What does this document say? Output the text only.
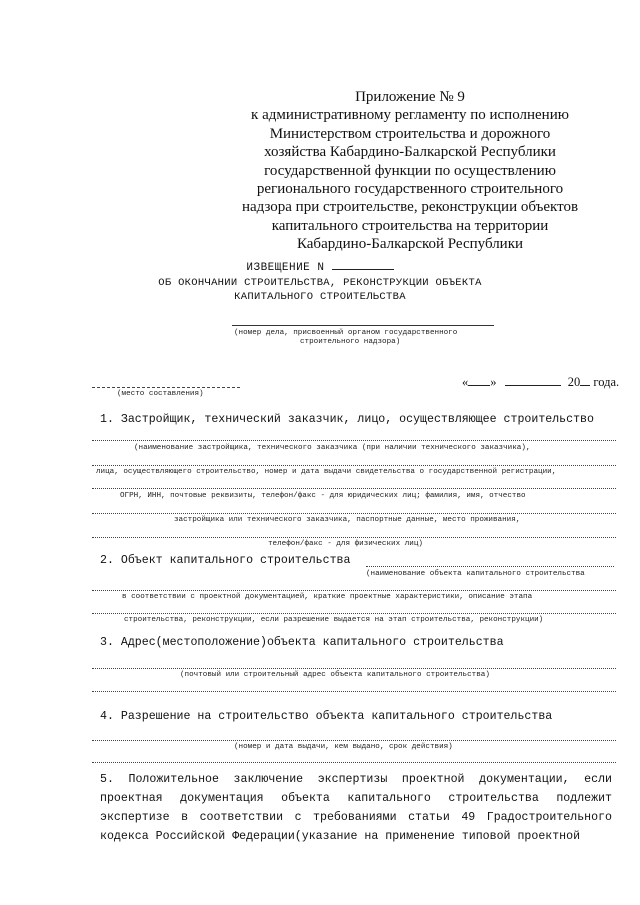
Приложение № 9
к административному регламенту по исполнению
Министерством строительства и дорожного
хозяйства Кабардино-Балкарской Республики
государственной функции по осуществлению
регионального государственного строительного
надзора при строительстве, реконструкции объектов
капитального строительства на территории
Кабардино-Балкарской Республики
ИЗВЕЩЕНИЕ N
ОБ ОКОНЧАНИИ СТРОИТЕЛЬСТВА, РЕКОНСТРУКЦИИ ОБЪЕКТА
КАПИТАЛЬНОГО СТРОИТЕЛЬСТВА
(номер дела, присвоенный органом государственного
строительного надзора)
(место составления)
« »	20 года.
1. Застройщик, технический заказчик, лицо, осуществляющее строительство
(наименование застройщика, технического заказчика (при наличии технического заказчика),
лица, осуществляющего строительство, номер и дата выдачи свидетельства о государственной регистрации,
ОГРН, ИНН, почтовые реквизиты, телефон/факс - для юридических лиц; фамилия, имя, отчество
застройщика или технического заказчика, паспортные данные, место проживания,
телефон/факс - для физических лиц)
2. Объект капитального строительства
(наименование объекта капитального строительства
в соответствии с проектной документацией, краткие проектные характеристики, описание этапа
строительства, реконструкции, если разрешение выдается на этап строительства, реконструкции)
3. Адрес(местоположение)объекта капитального строительства
(почтовый или строительный адрес объекта капитального строительства)
4. Разрешение на строительство объекта капитального строительства
(номер и дата выдачи, кем выдано, срок действия)
5. Положительное заключение экспертизы проектной документации, если проектная документация объекта капитального строительства подлежит экспертизе в соответствии с требованиями статьи 49 Градостроительного кодекса Российской Федерации(указание на применение типовой проектной
